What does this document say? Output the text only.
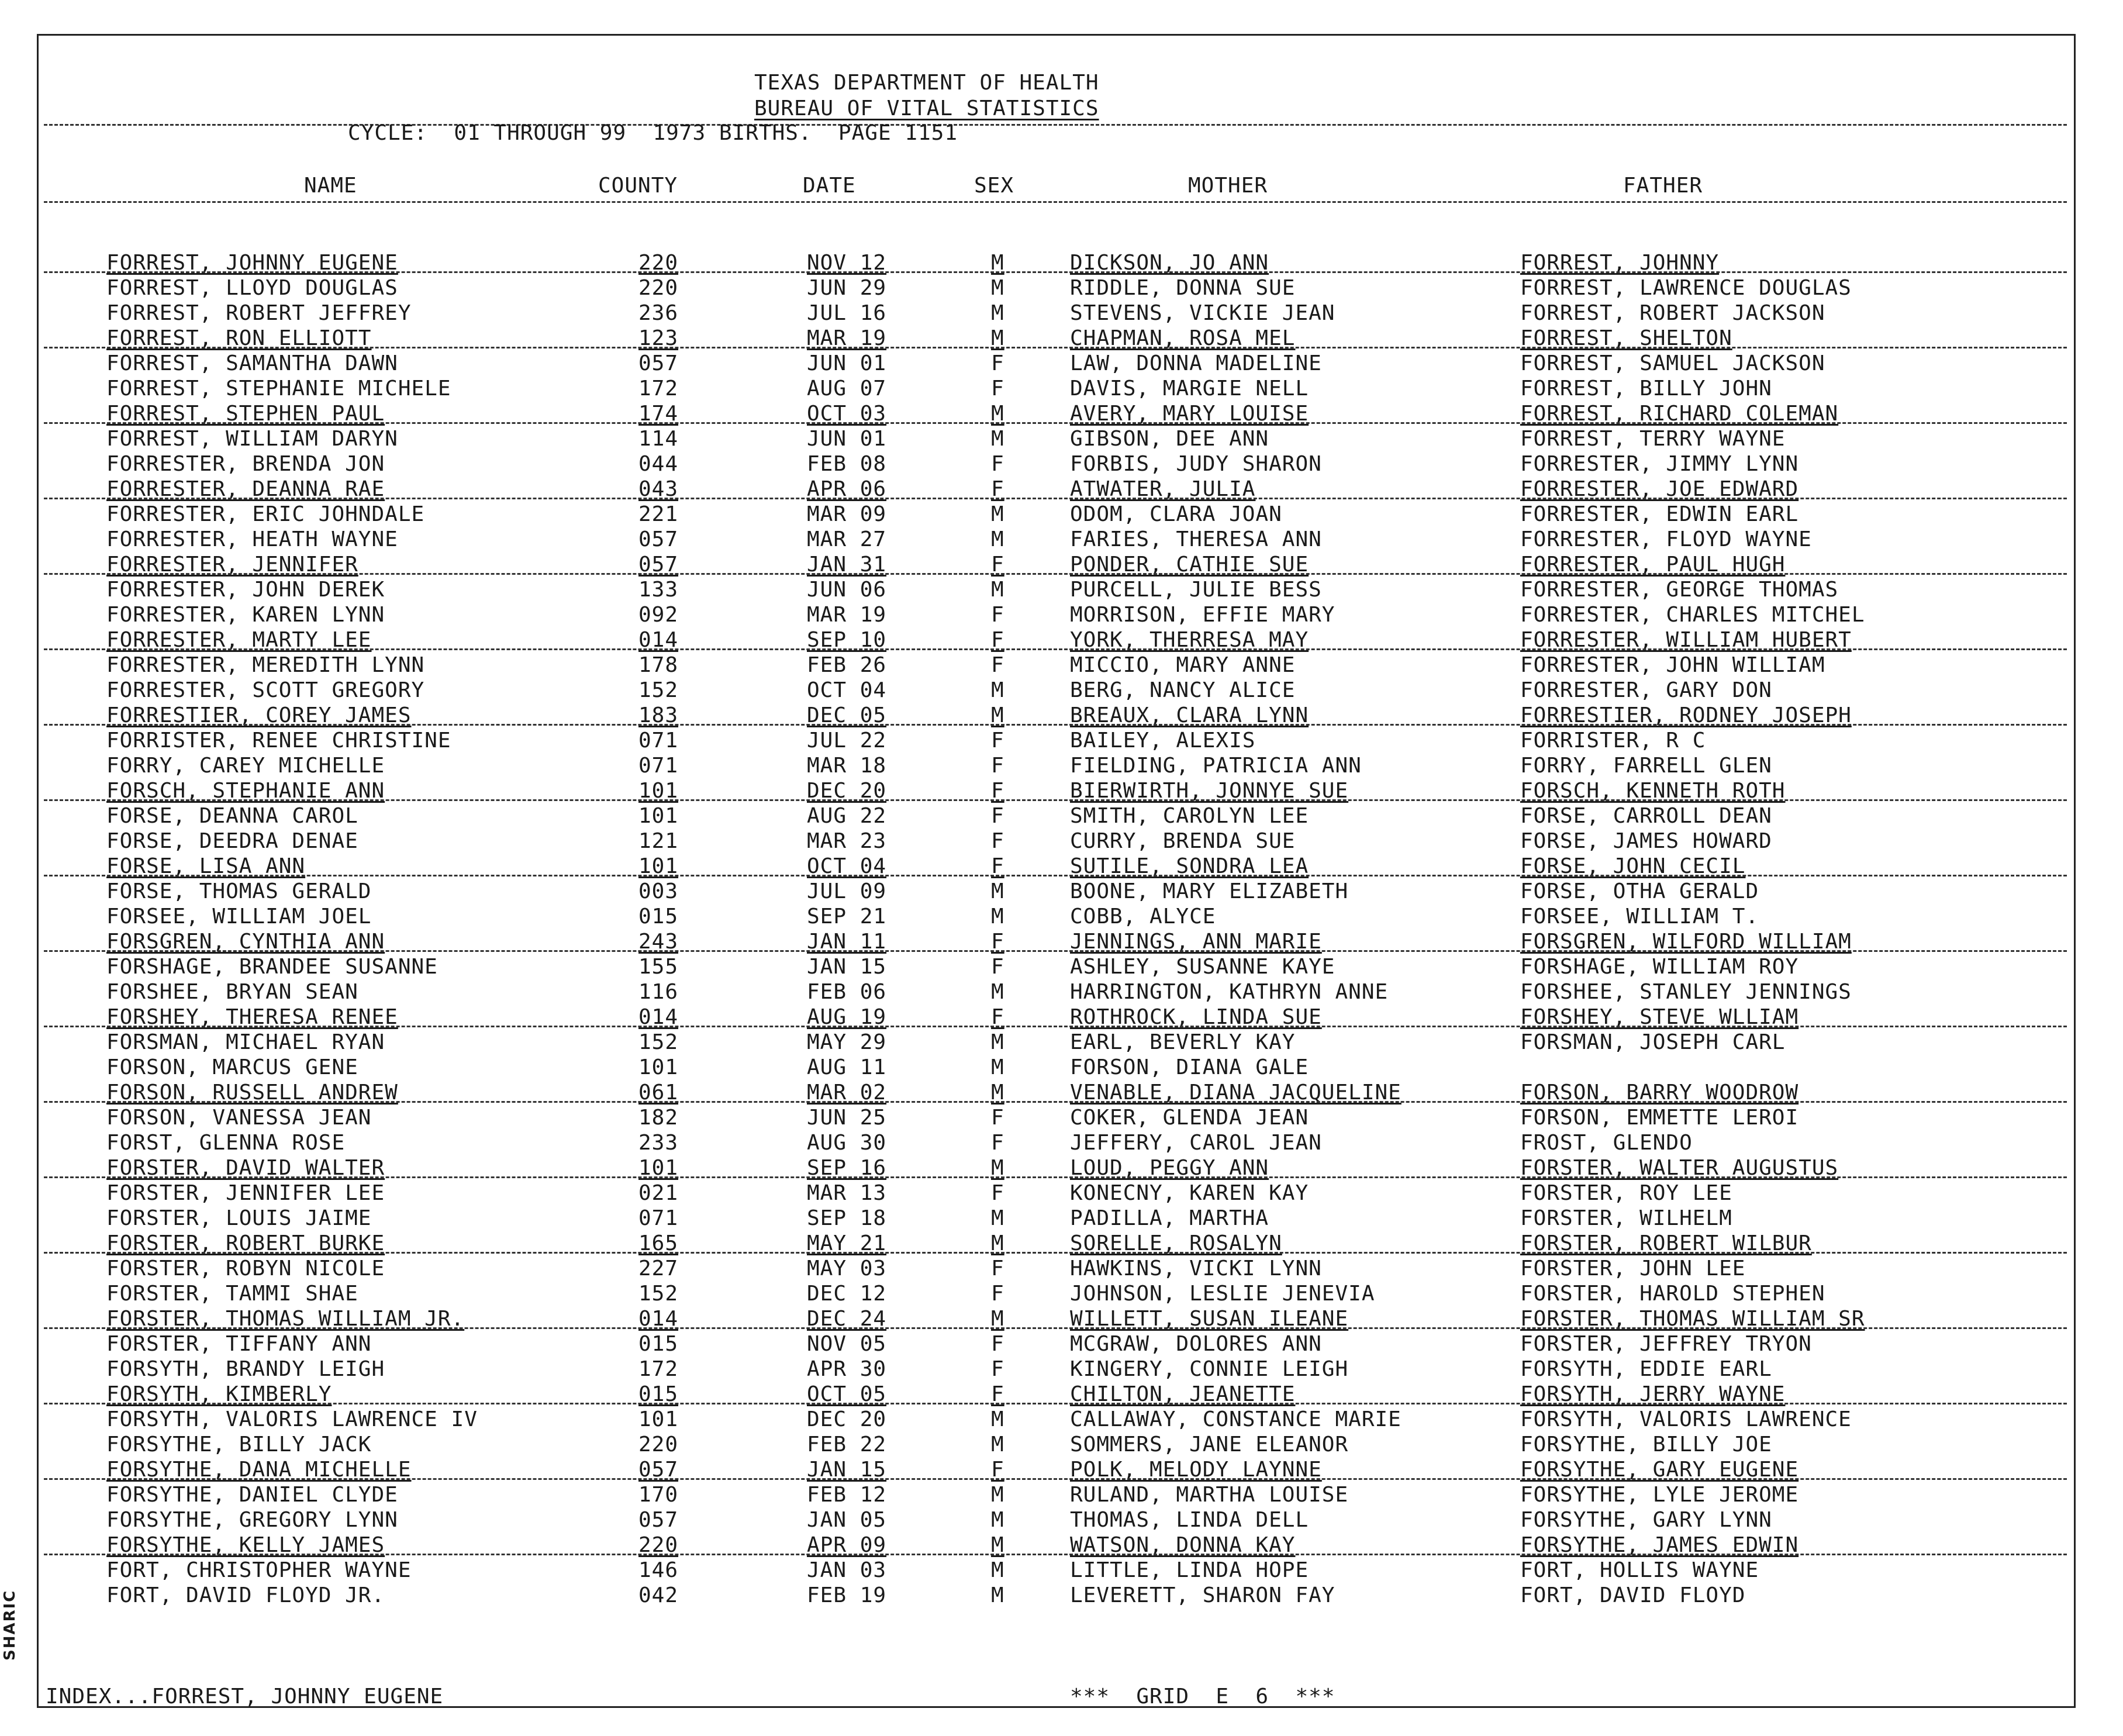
TEXAS DEPARTMENT OF HEALTH
BUREAU OF VITAL STATISTICS
CYCLE:  01 THROUGH 99  1973 BIRTHS.  PAGE 1151
NAME	COUNTY	DATE	SEX	MOTHER	FATHER
FORREST, JOHNNY EUGENE	220	NOV 12	M	DICKSON, JO ANN	FORREST, JOHNNY
FORREST, LLOYD DOUGLAS	220	JUN 29	M	RIDDLE, DONNA SUE	FORREST, LAWRENCE DOUGLAS
FORREST, ROBERT JEFFREY	236	JUL 16	M	STEVENS, VICKIE JEAN	FORREST, ROBERT JACKSON
FORREST, RON ELLIOTT	123	MAR 19	M	CHAPMAN, ROSA MEL	FORREST, SHELTON
FORREST, SAMANTHA DAWN	057	JUN 01	F	LAW, DONNA MADELINE	FORREST, SAMUEL JACKSON
FORREST, STEPHANIE MICHELE	172	AUG 07	F	DAVIS, MARGIE NELL	FORREST, BILLY JOHN
FORREST, STEPHEN PAUL	174	OCT 03	M	AVERY, MARY LOUISE	FORREST, RICHARD COLEMAN
FORREST, WILLIAM DARYN	114	JUN 01	M	GIBSON, DEE ANN	FORREST, TERRY WAYNE
FORRESTER, BRENDA JON	044	FEB 08	F	FORBIS, JUDY SHARON	FORRESTER, JIMMY LYNN
FORRESTER, DEANNA RAE	043	APR 06	F	ATWATER, JULIA	FORRESTER, JOE EDWARD
FORRESTER, ERIC JOHNDALE	221	MAR 09	M	ODOM, CLARA JOAN	FORRESTER, EDWIN EARL
FORRESTER, HEATH WAYNE	057	MAR 27	M	FARIES, THERESA ANN	FORRESTER, FLOYD WAYNE
FORRESTER, JENNIFER	057	JAN 31	F	PONDER, CATHIE SUE	FORRESTER, PAUL HUGH
FORRESTER, JOHN DEREK	133	JUN 06	M	PURCELL, JULIE BESS	FORRESTER, GEORGE THOMAS
FORRESTER, KAREN LYNN	092	MAR 19	F	MORRISON, EFFIE MARY	FORRESTER, CHARLES MITCHEL
FORRESTER, MARTY LEE	014	SEP 10	F	YORK, THERRESA MAY	FORRESTER, WILLIAM HUBERT
FORRESTER, MEREDITH LYNN	178	FEB 26	F	MICCIO, MARY ANNE	FORRESTER, JOHN WILLIAM
FORRESTER, SCOTT GREGORY	152	OCT 04	M	BERG, NANCY ALICE	FORRESTER, GARY DON
FORRESTIER, COREY JAMES	183	DEC 05	M	BREAUX, CLARA LYNN	FORRESTIER, RODNEY JOSEPH
FORRISTER, RENEE CHRISTINE	071	JUL 22	F	BAILEY, ALEXIS	FORRISTER, R C
FORRY, CAREY MICHELLE	071	MAR 18	F	FIELDING, PATRICIA ANN	FORRY, FARRELL GLEN
FORSCH, STEPHANIE ANN	101	DEC 20	F	BIERWIRTH, JONNYE SUE	FORSCH, KENNETH ROTH
FORSE, DEANNA CAROL	101	AUG 22	F	SMITH, CAROLYN LEE	FORSE, CARROLL DEAN
FORSE, DEEDRA DENAE	121	MAR 23	F	CURRY, BRENDA SUE	FORSE, JAMES HOWARD
FORSE, LISA ANN	101	OCT 04	F	SUTILE, SONDRA LEA	FORSE, JOHN CECIL
FORSE, THOMAS GERALD	003	JUL 09	M	BOONE, MARY ELIZABETH	FORSE, OTHA GERALD
FORSEE, WILLIAM JOEL	015	SEP 21	M	COBB, ALYCE	FORSEE, WILLIAM T.
FORSGREN, CYNTHIA ANN	243	JAN 11	F	JENNINGS, ANN MARIE	FORSGREN, WILFORD WILLIAM
FORSHAGE, BRANDEE SUSANNE	155	JAN 15	F	ASHLEY, SUSANNE KAYE	FORSHAGE, WILLIAM ROY
FORSHEE, BRYAN SEAN	116	FEB 06	M	HARRINGTON, KATHRYN ANNE	FORSHEE, STANLEY JENNINGS
FORSHEY, THERESA RENEE	014	AUG 19	F	ROTHROCK, LINDA SUE	FORSHEY, STEVE WLLIAM
FORSMAN, MICHAEL RYAN	152	MAY 29	M	EARL, BEVERLY KAY	FORSMAN, JOSEPH CARL
FORSON, MARCUS GENE	101	AUG 11	M	FORSON, DIANA GALE
FORSON, RUSSELL ANDREW	061	MAR 02	M	VENABLE, DIANA JACQUELINE	FORSON, BARRY WOODROW
FORSON, VANESSA JEAN	182	JUN 25	F	COKER, GLENDA JEAN	FORSON, EMMETTE LEROI
FORST, GLENNA ROSE	233	AUG 30	F	JEFFERY, CAROL JEAN	FROST, GLENDO
FORSTER, DAVID WALTER	101	SEP 16	M	LOUD, PEGGY ANN	FORSTER, WALTER AUGUSTUS
FORSTER, JENNIFER LEE	021	MAR 13	F	KONECNY, KAREN KAY	FORSTER, ROY LEE
FORSTER, LOUIS JAIME	071	SEP 18	M	PADILLA, MARTHA	FORSTER, WILHELM
FORSTER, ROBERT BURKE	165	MAY 21	M	SORELLE, ROSALYN	FORSTER, ROBERT WILBUR
FORSTER, ROBYN NICOLE	227	MAY 03	F	HAWKINS, VICKI LYNN	FORSTER, JOHN LEE
FORSTER, TAMMI SHAE	152	DEC 12	F	JOHNSON, LESLIE JENEVIA	FORSTER, HAROLD STEPHEN
FORSTER, THOMAS WILLIAM JR.	014	DEC 24	M	WILLETT, SUSAN ILEANE	FORSTER, THOMAS WILLIAM SR
FORSTER, TIFFANY ANN	015	NOV 05	F	MCGRAW, DOLORES ANN	FORSTER, JEFFREY TRYON
FORSYTH, BRANDY LEIGH	172	APR 30	F	KINGERY, CONNIE LEIGH	FORSYTH, EDDIE EARL
FORSYTH, KIMBERLY	015	OCT 05	F	CHILTON, JEANETTE	FORSYTH, JERRY WAYNE
FORSYTH, VALORIS LAWRENCE IV	101	DEC 20	M	CALLAWAY, CONSTANCE MARIE	FORSYTH, VALORIS LAWRENCE
FORSYTHE, BILLY JACK	220	FEB 22	M	SOMMERS, JANE ELEANOR	FORSYTHE, BILLY JOE
FORSYTHE, DANA MICHELLE	057	JAN 15	F	POLK, MELODY LAYNNE	FORSYTHE, GARY EUGENE
FORSYTHE, DANIEL CLYDE	170	FEB 12	M	RULAND, MARTHA LOUISE	FORSYTHE, LYLE JEROME
FORSYTHE, GREGORY LYNN	057	JAN 05	M	THOMAS, LINDA DELL	FORSYTHE, GARY LYNN
FORSYTHE, KELLY JAMES	220	APR 09	M	WATSON, DONNA KAY	FORSYTHE, JAMES EDWIN
FORT, CHRISTOPHER WAYNE	146	JAN 03	M	LITTLE, LINDA HOPE	FORT, HOLLIS WAYNE
FORT, DAVID FLOYD JR.	042	FEB 19	M	LEVERETT, SHARON FAY	FORT, DAVID FLOYD
INDEX...FORREST, JOHNNY EUGENE	***  GRID  E  6  ***
SHARIC
